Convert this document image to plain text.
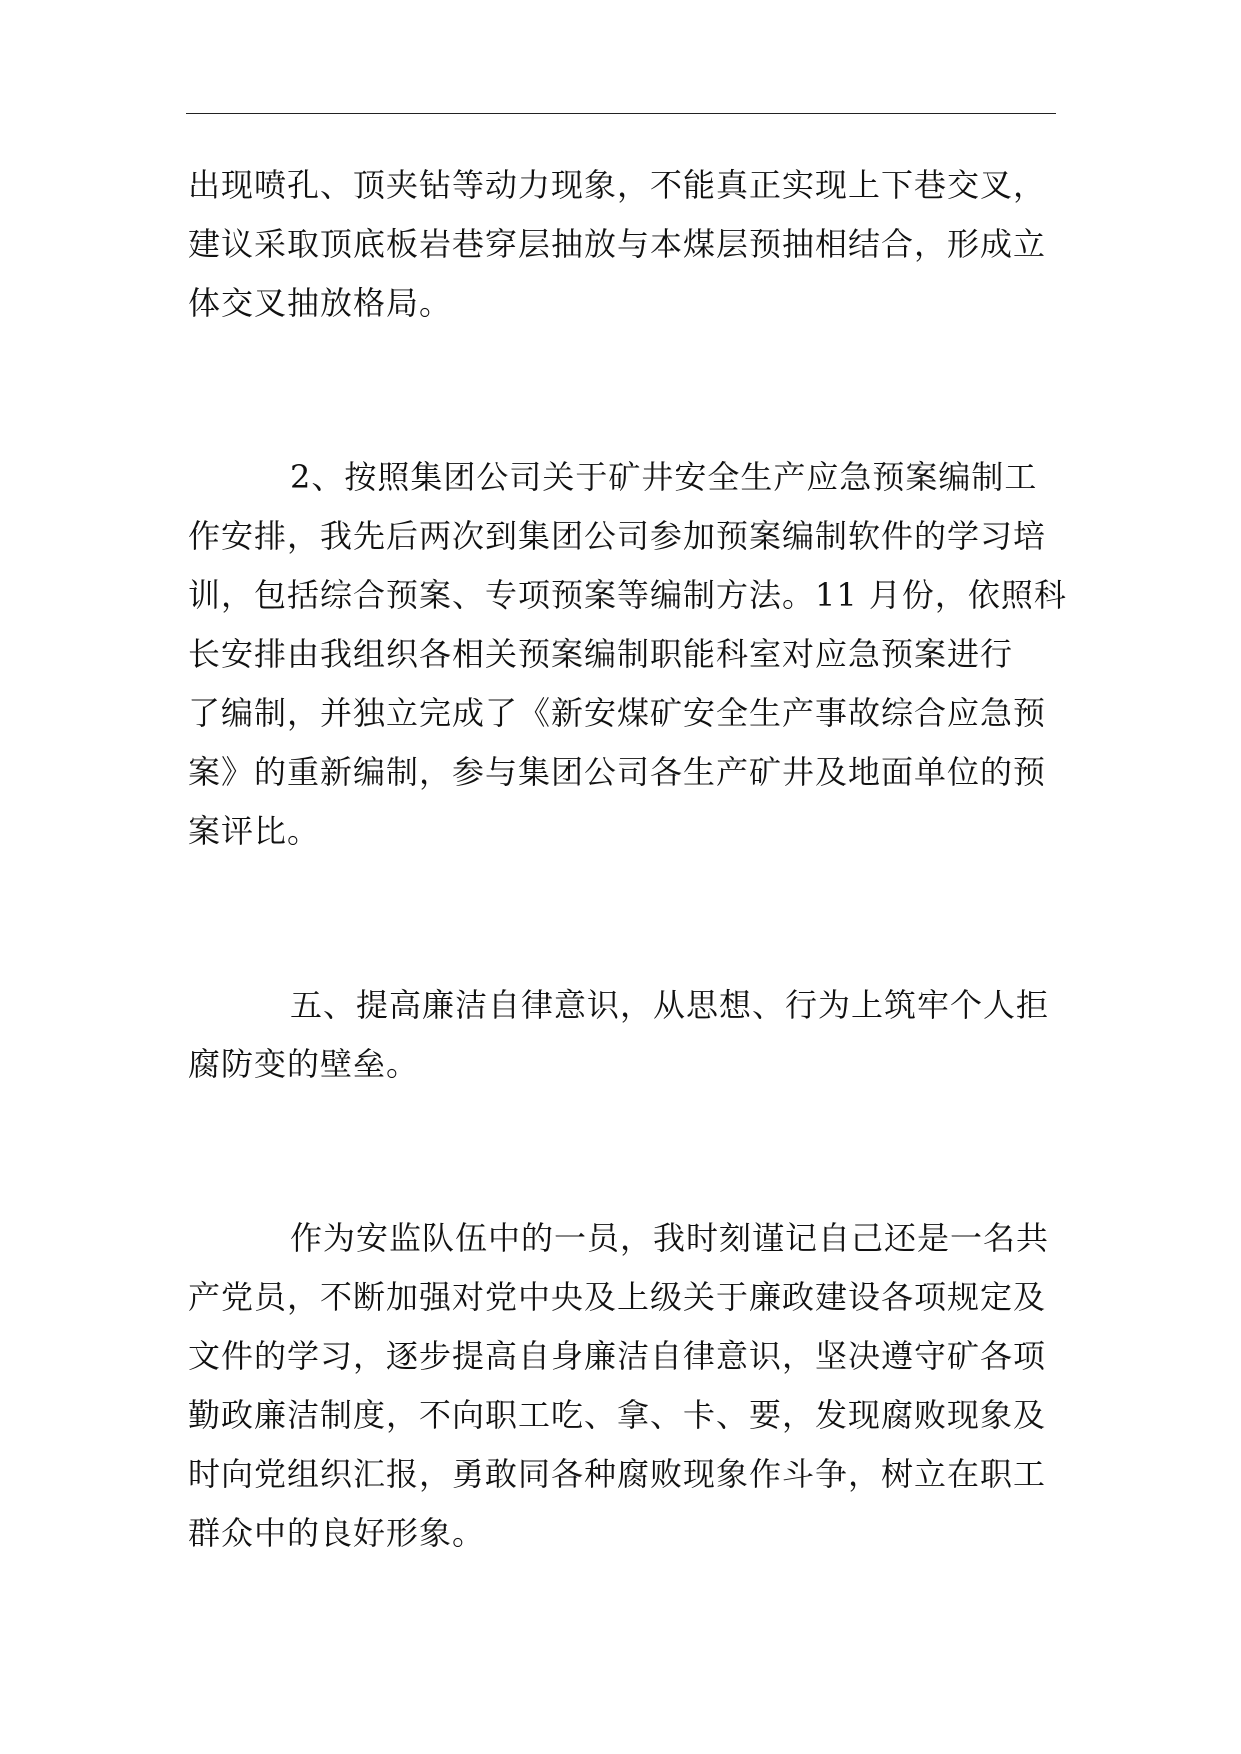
出现喷孔、顶夹钻等动力现象，不能真正实现上下巷交叉，
建议采取顶底板岩巷穿层抽放与本煤层预抽相结合，形成立
体交叉抽放格局。
2、按照集团公司关于矿井安全生产应急预案编制工
作安排，我先后两次到集团公司参加预案编制软件的学习培
训，包括综合预案、专项预案等编制方法。11 月份，依照科
长安排由我组织各相关预案编制职能科室对应急预案进行
了编制，并独立完成了《新安煤矿安全生产事故综合应急预
案》的重新编制，参与集团公司各生产矿井及地面单位的预
案评比。
五、提高廉洁自律意识，从思想、行为上筑牢个人拒
腐防变的壁垒。
作为安监队伍中的一员，我时刻谨记自己还是一名共
产党员，不断加强对党中央及上级关于廉政建设各项规定及
文件的学习，逐步提高自身廉洁自律意识，坚决遵守矿各项
勤政廉洁制度，不向职工吃、拿、卡、要，发现腐败现象及
时向党组织汇报，勇敢同各种腐败现象作斗争，树立在职工
群众中的良好形象。
